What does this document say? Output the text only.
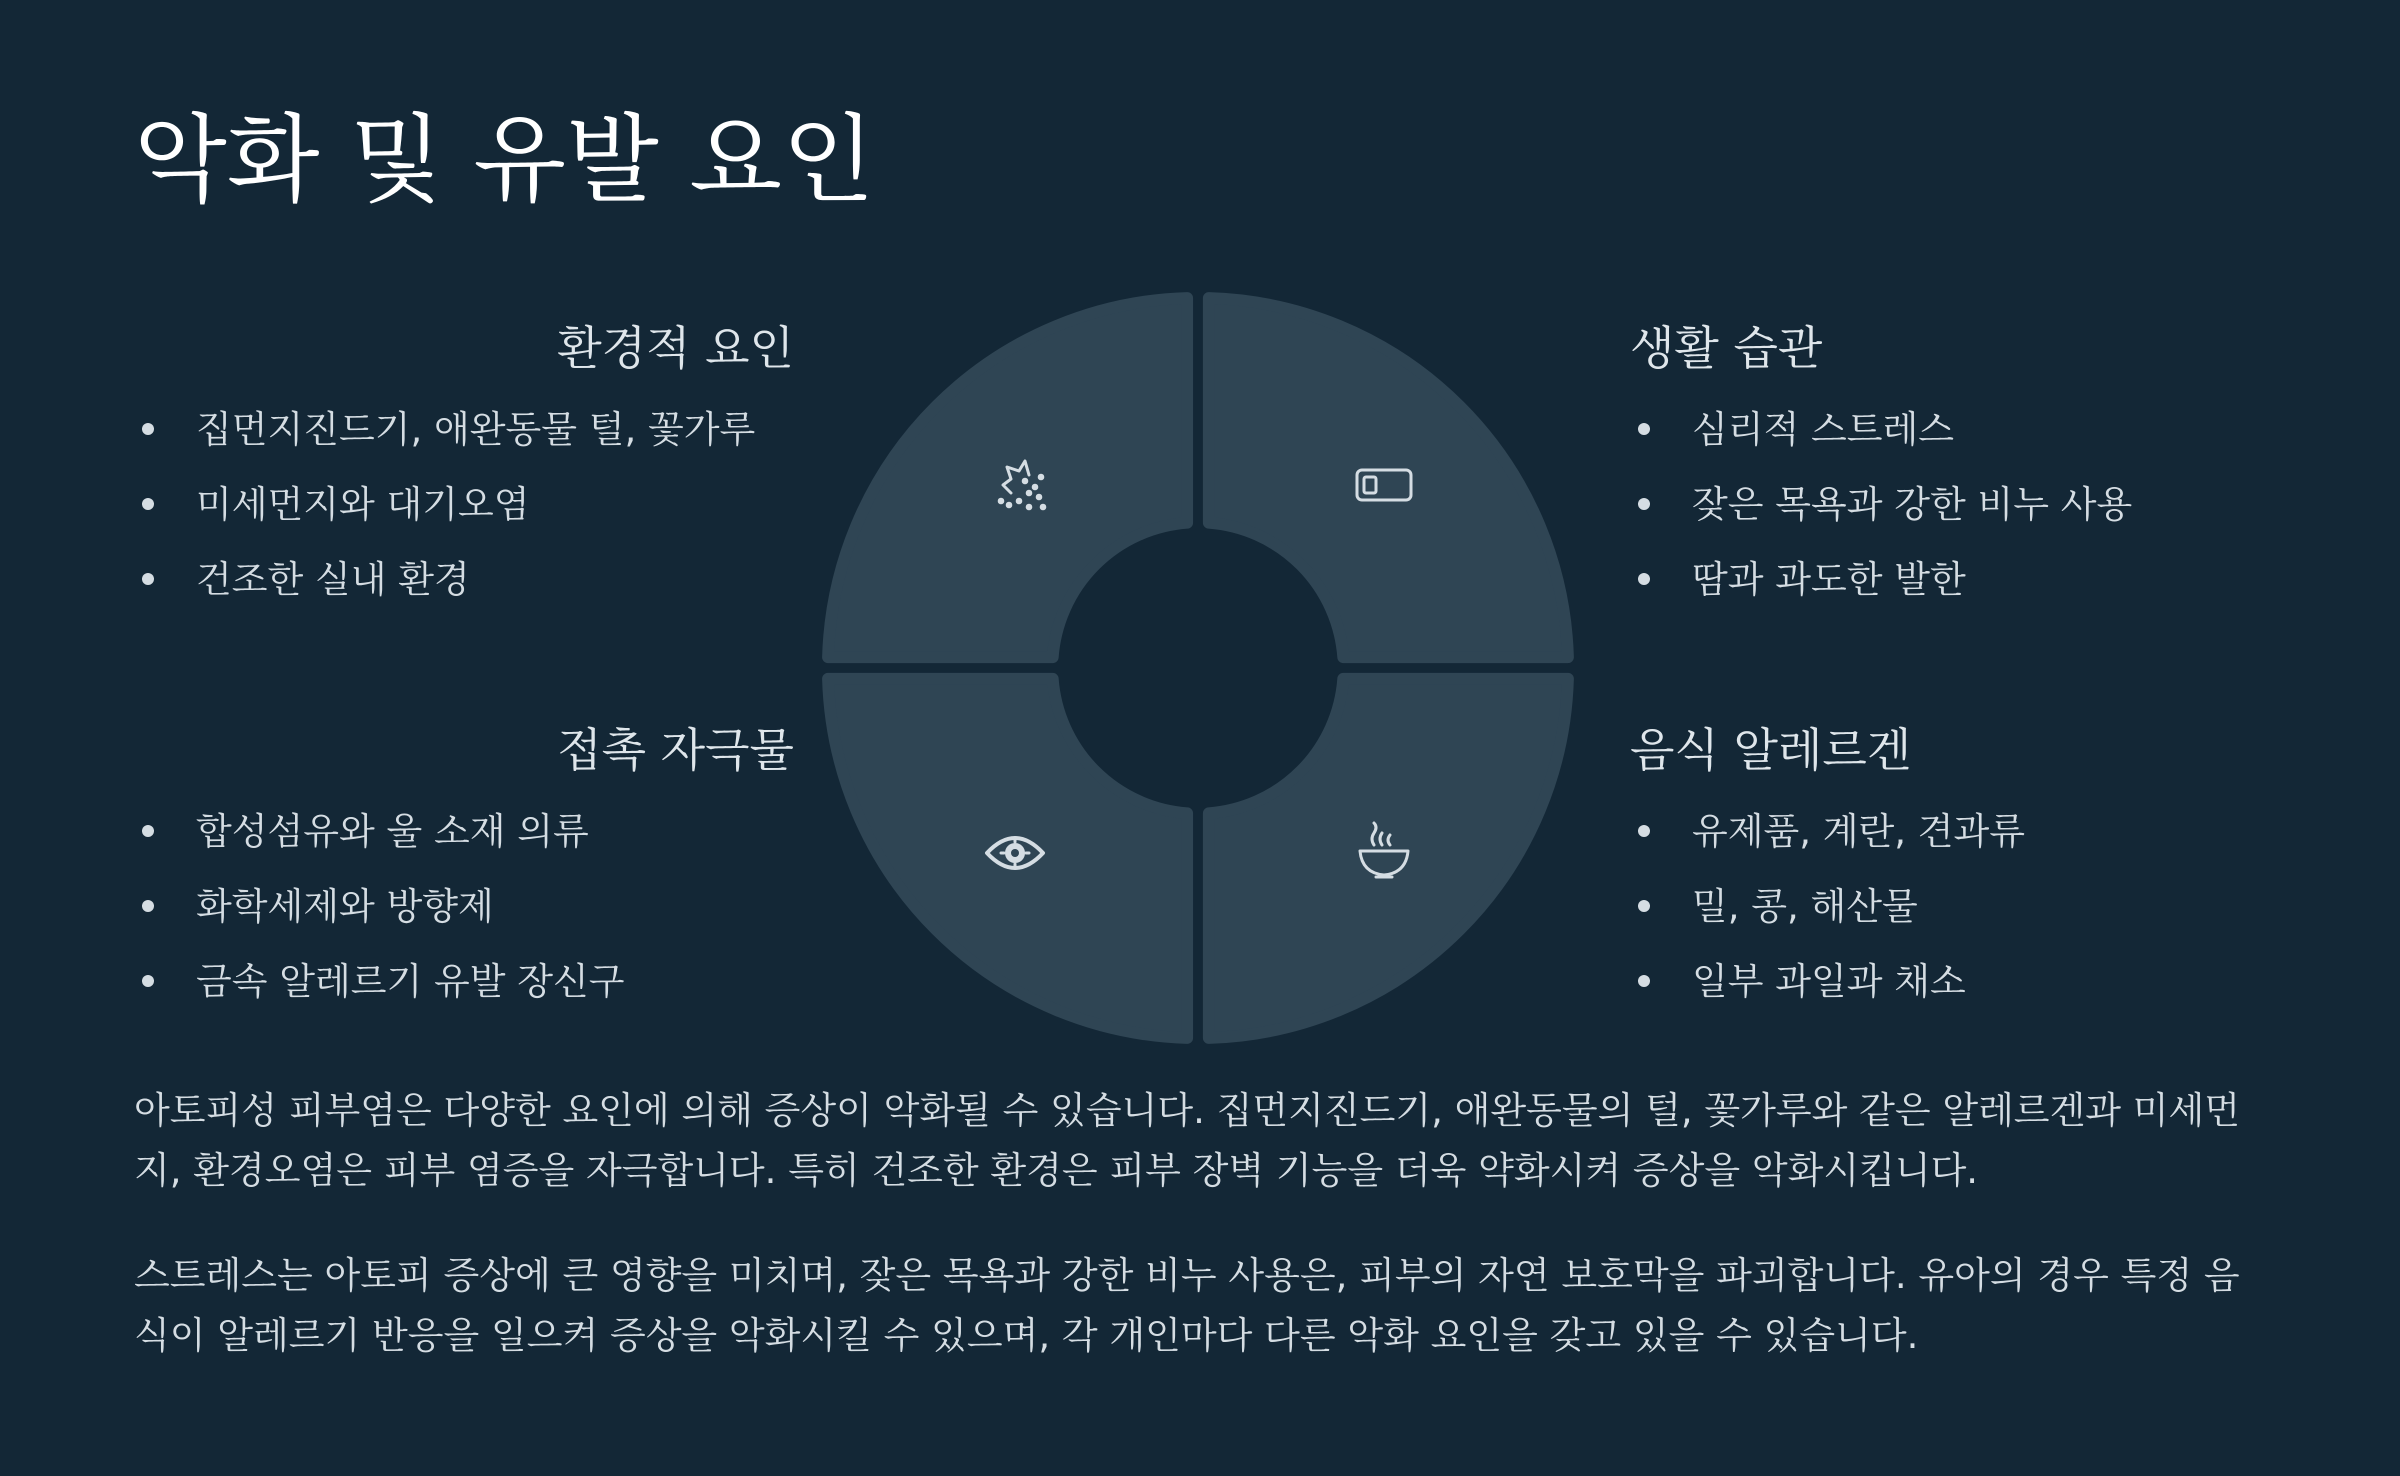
악화 및 유발 요인
환경적 요인
집먼지진드기, 애완동물 털, 꽃가루
미세먼지와 대기오염
건조한 실내 환경
생활 습관
심리적 스트레스
잦은 목욕과 강한 비누 사용
땀과 과도한 발한
접촉 자극물
합성섬유와 울 소재 의류
화학세제와 방향제
금속 알레르기 유발 장신구
음식 알레르겐
유제품, 계란, 견과류
밀, 콩, 해산물
일부 과일과 채소

아토피성 피부염은 다양한 요인에 의해 증상이 악화될 수 있습니다. 집먼지진드기, 애완동물의 털, 꽃가루와 같은 알레르겐과 미세먼지, 환경오염은 피부 염증을 자극합니다. 특히 건조한 환경은 피부 장벽 기능을 더욱 약화시켜 증상을 악화시킵니다.

스트레스는 아토피 증상에 큰 영향을 미치며, 잦은 목욕과 강한 비누 사용은, 피부의 자연 보호막을 파괴합니다. 유아의 경우 특정 음식이 알레르기 반응을 일으켜 증상을 악화시킬 수 있으며, 각 개인마다 다른 악화 요인을 갖고 있을 수 있습니다.
